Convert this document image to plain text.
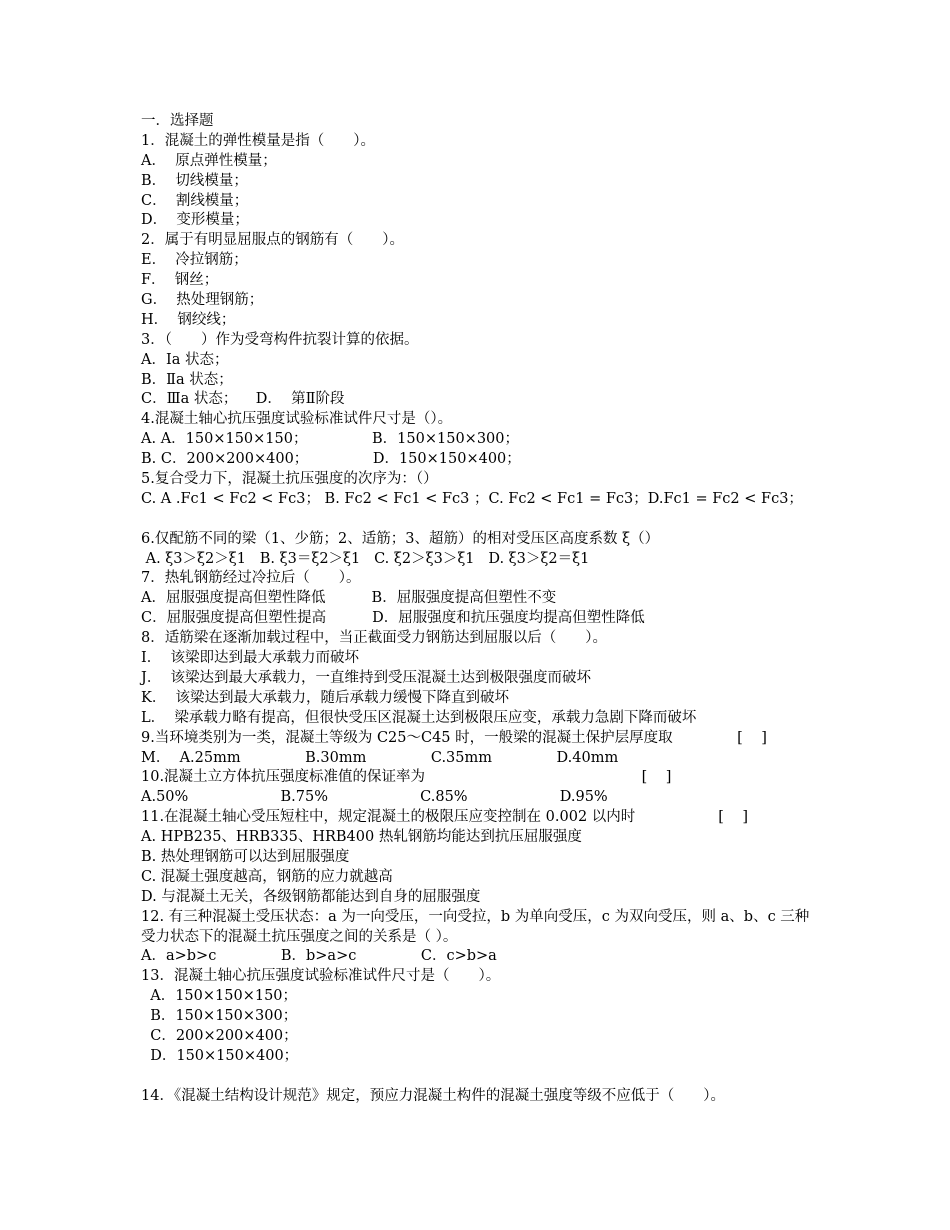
一．选择题
1．混凝土的弹性模量是指（　　）。
A．  原点弹性模量；
B．  切线模量；
C．  割线模量；
D．  变形模量；
2．属于有明显屈服点的钢筋有（　　）。
E．  冷拉钢筋；
F．  钢丝；
G．  热处理钢筋；
H．  钢绞线；
3．（　　）作为受弯构件抗裂计算的依据。
A．Ⅰa 状态；
B．Ⅱa 状态；
C．Ⅲa 状态；    D．  第Ⅱ阶段
4.混凝土轴心抗压强度试验标准试件尺寸是（）。
A. A．150×150×150；              B．150×150×300；
B. C．200×200×400；              D．150×150×400；
5.复合受力下，混凝土抗压强度的次序为：（）
C. A .Fc1 < Fc2 < Fc3； B. Fc2 < Fc1 < Fc3 ；C. Fc2 < Fc1 = Fc3；D.Fc1 = Fc2 < Fc3；
6.仅配筋不同的梁（1、少筋；2、适筋；3、超筋）的相对受压区高度系数 ξ（）
A. ξ3＞ξ2＞ξ1   B. ξ3＝ξ2＞ξ1   C. ξ2＞ξ3＞ξ1   D. ξ3＞ξ2＝ξ1
7．热轧钢筋经过冷拉后（　　）。
A．屈服强度提高但塑性降低          B．屈服强度提高但塑性不变
C．屈服强度提高但塑性提高          D．屈服强度和抗压强度均提高但塑性降低
8．适筋梁在逐渐加载过程中，当正截面受力钢筋达到屈服以后（　　）。
I．  该梁即达到最大承载力而破坏
J．  该梁达到最大承载力，一直维持到受压混凝土达到极限强度而破坏
K．  该梁达到最大承载力，随后承载力缓慢下降直到破坏
L．  梁承载力略有提高，但很快受压区混凝土达到极限压应变，承载力急剧下降而破坏
9.当环境类别为一类，混凝土等级为 C25～C45 时，一般梁的混凝土保护层厚度取              [    ]
M．  A.25mm              B.30mm              C.35mm              D.40mm
10.混凝土立方体抗压强度标准值的保证率为                                               [    ]
A.50%                    B.75%                    C.85%                    D.95%
11.在混凝土轴心受压短柱中，规定混凝土的极限压应变控制在 0.002 以内时                  [    ]
A. HPB235、HRB335、HRB400 热轧钢筋均能达到抗压屈服强度
B. 热处理钢筋可以达到屈服强度
C. 混凝土强度越高，钢筋的应力就越高
D. 与混凝土无关，各级钢筋都能达到自身的屈服强度
12. 有三种混凝土受压状态：a 为一向受压，一向受拉，b 为单向受压，c 为双向受压，则 a、b、c 三种受力状态下的混凝土抗压强度之间的关系是（ ）。
A．a>b>c              B．b>a>c              C．c>b>a
13．混凝土轴心抗压强度试验标准试件尺寸是（　　）。
A．150×150×150；
B．150×150×300；
C．200×200×400；
D．150×150×400；
14．《混凝土结构设计规范》规定，预应力混凝土构件的混凝土强度等级不应低于（　　）。
